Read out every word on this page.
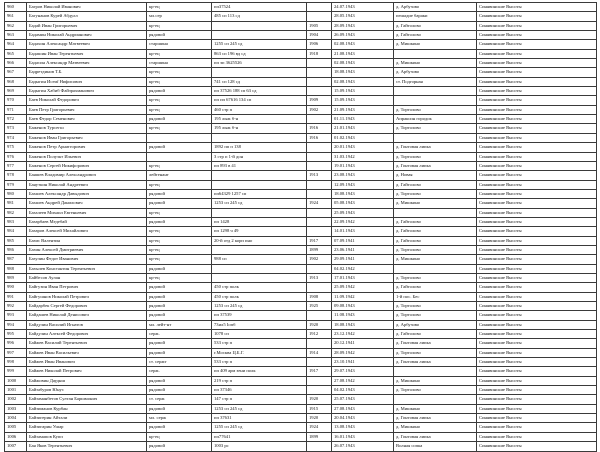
960	Багров Николай Иванович	кр-ец	пп37524		24.07.1943	д. Арбузово	Синявинские Высоты
961	Багунанов Курей Абдулл	мл.сер	485 сп 113 сд		28.05.1943	пешадие бараки	Синявинские Высоты
962	Бадай Иван Григорьевич	кр-ец		1905	28.09.1943	д. Гайтолово	Синявинские Высоты
963	Бадамин Николай Андрианович	рядовой		1904	26.09.1943	д. Гайтолово	Синявинские Высоты
964	Бадахин Александр Матвеевич	старшина	1255 сп 245 сд	1906	02.08.1943	д. Мишкино	Синявинские Высоты
965	Бадашин Иван Терентьевич	кр-ец	863 сп 196 вд сд	1918	21.08.1943		Синявинские Высоты
966	Бадасин Александр Матвеевич	старшина	пп эп 3625526		02.08.1943	д. Мишкино	Синявинские Высоты
967	Бадретдинов Т.Б.	кр-ец			18.08.1943	д. Арбузово	Синявинские Высоты
968	Бадыгин Исеиf Нифисович	кр-ец	741 сп 128 сд		02.08.1943	ст. Подгорная	Синявинские Высоты
969	Бадыгин Хабиб Файзрахманович	рядовой	пп 37526 188 сп 63 сд		15.09.1943		Синявинские Высоты
970	Баев Николай Федорович	кр-ец	пп пп 67616 134 сп	1909	15.09.1943		Синявинские Высоты
971	Баев Петр Григорьевич	кр-ец	460 стр п	1902	21.09.1943	д. Тортолово	Синявинские Высоты
972	Баев Федор Семенович	рядовой	195 лыж б-н		01.11.1943	Апраксин городок	Синявинские Высоты
973	Баженов Турсегш	кр-ец	195 лыж б-н	1916	21.01.1943	д. Тортолово	Синявинские Высоты
974	Баженов Иван Григорьевич			1916	01.02.1943		Синявинские Высоты
975	Баженов Петр Арнатгорович	рядовой	1892 пп п 138		20.01.1943	д. Гонтовая липка	Синявинские Высоты
976	Баженов Полуэкт Ильевич		3 стр п 1-й дон		31.03.1942	д. Тортолово	Синявинские Высоты
977	Баженов Сергей Никифорович	кр-ец	пп 893 в 41		19.01.1943	д. Гонтовая липка	Синявинские Высоты
978	Баяшев Владимир Александрович	лейтенант		1913	23.08.1943	д. Новая	Синявинские Высоты
979	Баяуткин Николай Андреевич	кр-ец			12.09.1943	д. Гайтолово	Синявинские Высоты
980	Бахшев Александр Давыдович	рядовой	пп64329 1257 сп		18.08.1943	д. Тортолово	Синявинские Высоты
981	Бахшев Андрей Данилович	рядовой	1253 сп 245 сд	1924	05.08.1943	д. Мишкино	Синявинские Высоты
982	Базалеев Михаил Евгеньевич	кр-ец			25.09.1943		Синявинские Высоты
983	Базарбаев Медебай	рядовой	пп 1428		22.09.1942	д. Гайтолово	Синявинские Высоты
984	Базаров Алексей Михайлович	кр-ец	пп 1298 ч 49		14.01.1943	д. Гайтолово	Синявинские Высоты
985	Базис Валентин	кр-ец	20-й отд 2 корп пно	1917	07.09.1941	д. Гайтолово	Синявинские Высоты
986	Базин Алексей Дмитриевич	кр-ец		1899	23.06.1941	д. Тортолово	Синявинские Высоты
987	Базулин Федот Иванович	кр-ец	988 сп	1902	29.09.1941	д. Мишкино	Синявинские Высоты
988	Базылев Константин Терентьевич	рядовой			04.02.1942		Синявинские Высоты
989	Байбесов Аулан	кр-ец		1913	17.01.1943	д. Тортолово	Синявинские Высоты
990	Байгузин Иван Петрович	рядовой	450 стр полк		25.09.1942	д. Гайтолово	Синявинские Высоты
991	Байгушнов Николай Петрович	рядовой	450 стр полк	1908	11.09.1942	1-й пос. Бес	Синявинские Высоты
992	Байдарбек Сергей Федорович	рядовой	1253 сп 245 сд	1925	09.08.1943	д. Тортолово	Синявинские Высоты
993	Байдашев Николай Денисович	рядовой	пп 37539		11.08.1943	д. Тортолово	Синявинские Высоты
994	Байдулин Василий Игнатов	мл. лейт-нт	73ил5 Іопб	1920	18.08.1943	д. Арбузово	Синявинские Высоты
995	Байдулин Алексей Федорович	серж.	1078 сп	1912	23.12.1942	д. Гайтолово	Синявинские Высоты
996	Байжев Василий Терентьевич	рядовой	533 стр п		20.12.1941	д. Гонтовая липка	Синявинские Высоты
997	Байжев Иван Васильевич	рядовой	г.Москва Ц.Б.Г.	1914	28.09.1942	д. Тортолово	Синявинские Высоты
998	Байжев Иван Иванович	ст. сержт	533 стр п		23.10.1941	д. Гонтовая липка	Синявинские Высоты
999	Байжев Николай Петрович	серж.	пп 409 арм зени полк	1917	29.07.1943		Синявинские Высоты
1000	Байжовин Дауднш	рядовой	219 стр п		27.08.1942	д. Мишкино	Синявинские Высоты
1001	Байзабуров Юнус	рядовой	пп 37346		04.02.1943	д. Тортолово	Синявинские Высоты
1002	Байзаманбетов Султан Баршмонич	ст. серж	147 стр п	1920	25.07.1943		Синявинские Высоты
1003	Байзиманов Курбан	рядовой	1253 сп 245 сд	1915	27.08.1943	д. Мишкино	Синявинские Высоты
1004	Байзигерин Айтали	мл. серж	пп 37631	1920	20.04.1943	д. Гонтовая липка	Синявинские Высоты
1005	Байзигарин Ушар	рядовой	1255 сп 245 сд	1924	13.08.1943	д. Мишкино	Синявинские Высоты
1006	Байзамапов Купп	кр-ец	пп77641	1899	16.01.1943	д. Гонтовая липка	Синявинские Высоты
1007	Бая Яков Терентьевич	рядовой	1003 рс		26.07.1943	Волная сопка	Синявинские Высоты
